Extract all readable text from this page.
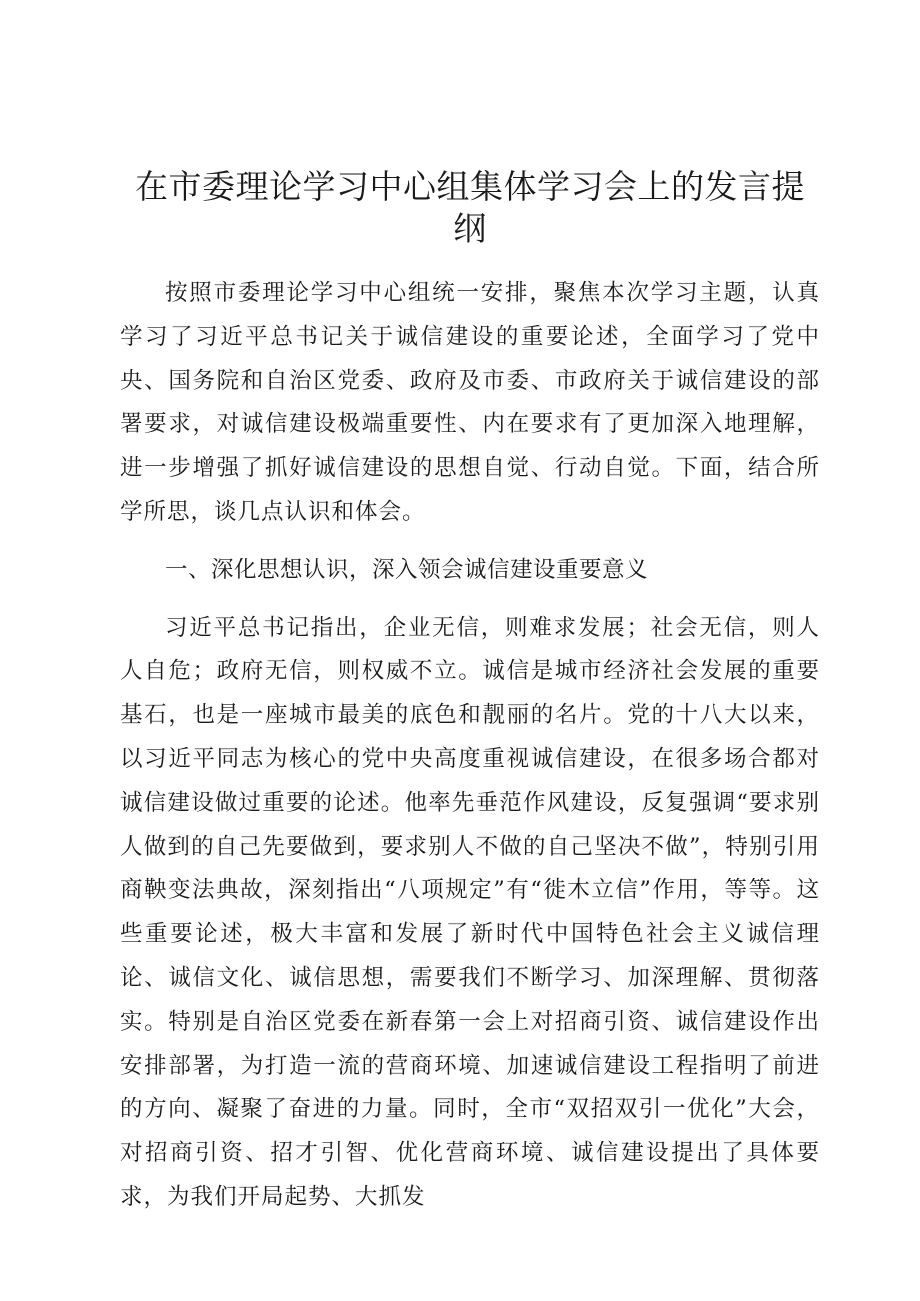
在市委理论学习中心组集体学习会上的发言提纲

按照市委理论学习中心组统一安排，聚焦本次学习主题，认真学习了习近平总书记关于诚信建设的重要论述，全面学习了党中央、国务院和自治区党委、政府及市委、市政府关于诚信建设的部署要求，对诚信建设极端重要性、内在要求有了更加深入地理解，进一步增强了抓好诚信建设的思想自觉、行动自觉。下面，结合所学所思，谈几点认识和体会。

一、深化思想认识，深入领会诚信建设重要意义

习近平总书记指出，企业无信，则难求发展；社会无信，则人人自危；政府无信，则权威不立。诚信是城市经济社会发展的重要基石，也是一座城市最美的底色和靓丽的名片。党的十八大以来，以习近平同志为核心的党中央高度重视诚信建设，在很多场合都对诚信建设做过重要的论述。他率先垂范作风建设，反复强调“要求别人做到的自己先要做到，要求别人不做的自己坚决不做”，特别引用商鞅变法典故，深刻指出“八项规定”有“徙木立信”作用，等等。这些重要论述，极大丰富和发展了新时代中国特色社会主义诚信理论、诚信文化、诚信思想，需要我们不断学习、加深理解、贯彻落实。特别是自治区党委在新春第一会上对招商引资、诚信建设作出安排部署，为打造一流的营商环境、加速诚信建设工程指明了前进的方向、凝聚了奋进的力量。同时，全市“双招双引一优化”大会，对招商引资、招才引智、优化营商环境、诚信建设提出了具体要求，为我们开局起势、大抓发
